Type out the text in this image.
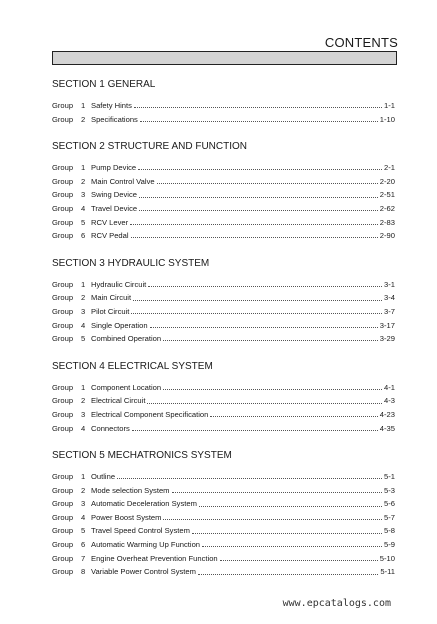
CONTENTS
SECTION 1 GENERAL
Group	1 Safety Hints	1-1
Group	2 Specifications	1-10
SECTION 2 STRUCTURE AND FUNCTION
Group	1 Pump Device	2-1
Group	2 Main Control Valve	2-20
Group	3 Swing Device	2-51
Group	4 Travel Device	2-62
Group	5 RCV Lever	2-83
Group	6 RCV Pedal	2-90
SECTION 3 HYDRAULIC SYSTEM
Group	1 Hydraulic Circuit	3-1
Group	2 Main Circuit	3-4
Group	3 Pilot Circuit	3-7
Group	4 Single Operation	3-17
Group	5 Combined Operation	3-29
SECTION 4 ELECTRICAL SYSTEM
Group	1 Component Location	4-1
Group	2 Electrical Circuit	4-3
Group	3 Electrical Component Specification	4-23
Group	4 Connectors	4-35
SECTION 5 MECHATRONICS SYSTEM
Group	1 Outline	5-1
Group	2 Mode selection System	5-3
Group	3 Automatic Deceleration System	5-6
Group	4 Power Boost System	5-7
Group	5 Travel Speed Control System	5-8
Group	6 Automatic Warming Up Function	5-9
Group	7 Engine Overheat Prevention Function	5-10
Group	8 Variable Power Control System	5-11
www.epcatalogs.com
